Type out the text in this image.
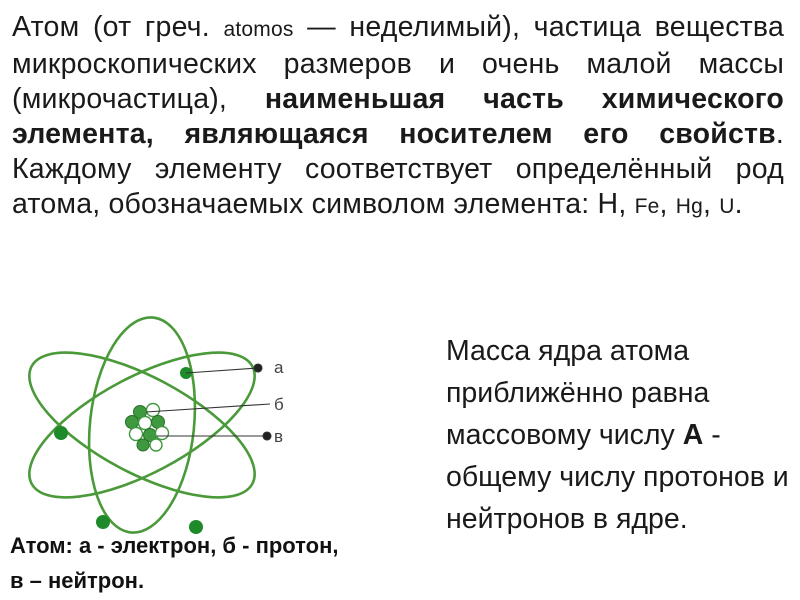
Атом (от греч. atomos — неделимый), частица вещества микроскопических размеров и очень малой массы (микрочастица), наименьшая часть химического элемента, являющаяся носителем его свойств. Каждому элементу соответствует определённый род атома, обозначаемых символом элемента: Н, Fe, Hg, U.
а
б
в
Атом: а - электрон, б - протон, в – нейтрон.
Масса ядра атома приближённо равна массовому числу А - общему числу протонов и нейтронов в ядре.
